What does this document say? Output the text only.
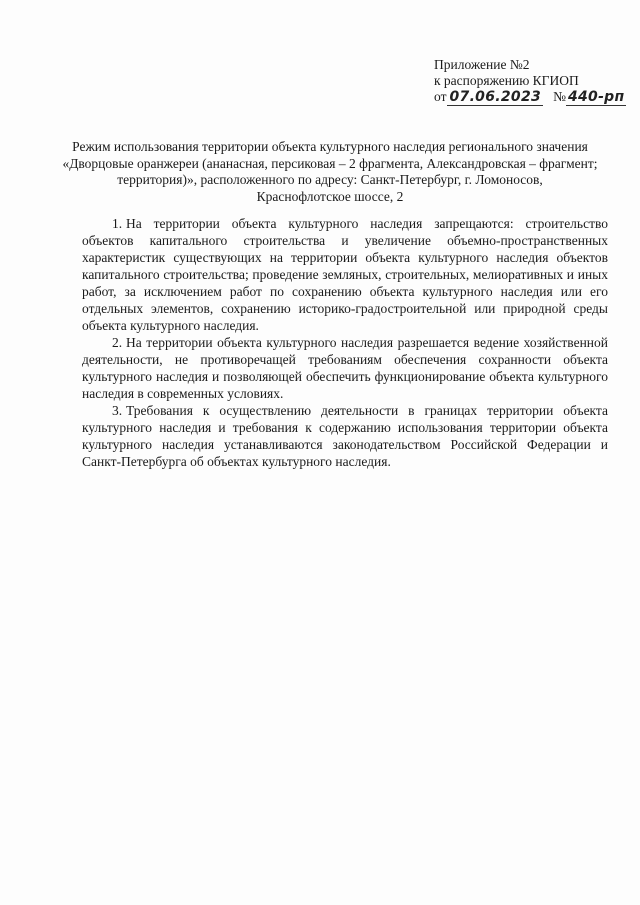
Приложение №2
к распоряжению КГИОП
от 07.06.2023 № 440-рп
Режим использования территории объекта культурного наследия регионального значения
«Дворцовые оранжереи (ананасная, персиковая – 2 фрагмента, Александровская – фрагмент;
территория)», расположенного по адресу: Санкт-Петербург, г. Ломоносов,
Краснофлотское шоссе, 2

1. На территории объекта культурного наследия запрещаются: строительство объектов капитального строительства и увеличение объемно-пространственных характеристик существующих на территории объекта культурного наследия объектов капитального строительства; проведение земляных, строительных, мелиоративных и иных работ, за исключением работ по сохранению объекта культурного наследия или его отдельных элементов, сохранению историко-градостроительной или природной среды объекта культурного наследия.

2. На территории объекта культурного наследия разрешается ведение хозяйственной деятельности, не противоречащей требованиям обеспечения сохранности объекта культурного наследия и позволяющей обеспечить функционирование объекта культурного наследия в современных условиях.

3. Требования к осуществлению деятельности в границах территории объекта культурного наследия и требования к содержанию использования территории объекта культурного наследия устанавливаются законодательством Российской Федерации и Санкт-Петербурга об объектах культурного наследия.
